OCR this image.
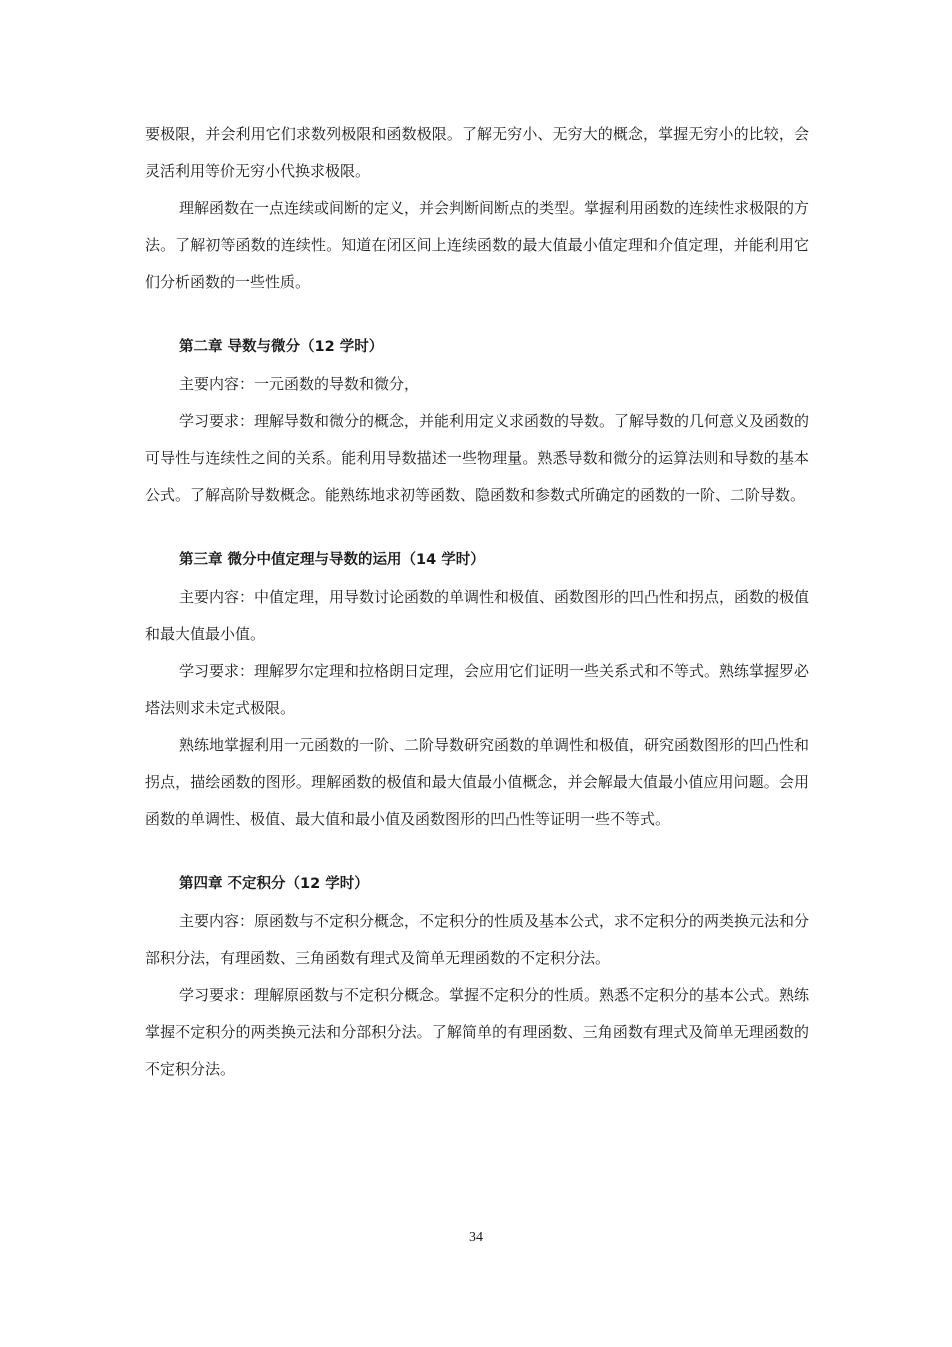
要极限，并会利用它们求数列极限和函数极限。了解无穷小、无穷大的概念，掌握无穷小的比较，会灵活利用等价无穷小代换求极限。

理解函数在一点连续或间断的定义，并会判断间断点的类型。掌握利用函数的连续性求极限的方法。了解初等函数的连续性。知道在闭区间上连续函数的最大值最小值定理和介值定理，并能利用它们分析函数的一些性质。

第二章 导数与微分（12 学时）

主要内容：一元函数的导数和微分，

学习要求：理解导数和微分的概念，并能利用定义求函数的导数。了解导数的几何意义及函数的可导性与连续性之间的关系。能利用导数描述一些物理量。熟悉导数和微分的运算法则和导数的基本公式。了解高阶导数概念。能熟练地求初等函数、隐函数和参数式所确定的函数的一阶、二阶导数。

第三章 微分中值定理与导数的运用（14 学时）

主要内容：中值定理，用导数讨论函数的单调性和极值、函数图形的凹凸性和拐点，函数的极值和最大值最小值。

学习要求：理解罗尔定理和拉格朗日定理，会应用它们证明一些关系式和不等式。熟练掌握罗必塔法则求未定式极限。

熟练地掌握利用一元函数的一阶、二阶导数研究函数的单调性和极值，研究函数图形的凹凸性和拐点，描绘函数的图形。理解函数的极值和最大值最小值概念，并会解最大值最小值应用问题。会用函数的单调性、极值、最大值和最小值及函数图形的凹凸性等证明一些不等式。

第四章 不定积分（12 学时）

主要内容：原函数与不定积分概念，不定积分的性质及基本公式，求不定积分的两类换元法和分部积分法，有理函数、三角函数有理式及简单无理函数的不定积分法。

学习要求：理解原函数与不定积分概念。掌握不定积分的性质。熟悉不定积分的基本公式。熟练掌握不定积分的两类换元法和分部积分法。了解简单的有理函数、三角函数有理式及简单无理函数的不定积分法。

34
